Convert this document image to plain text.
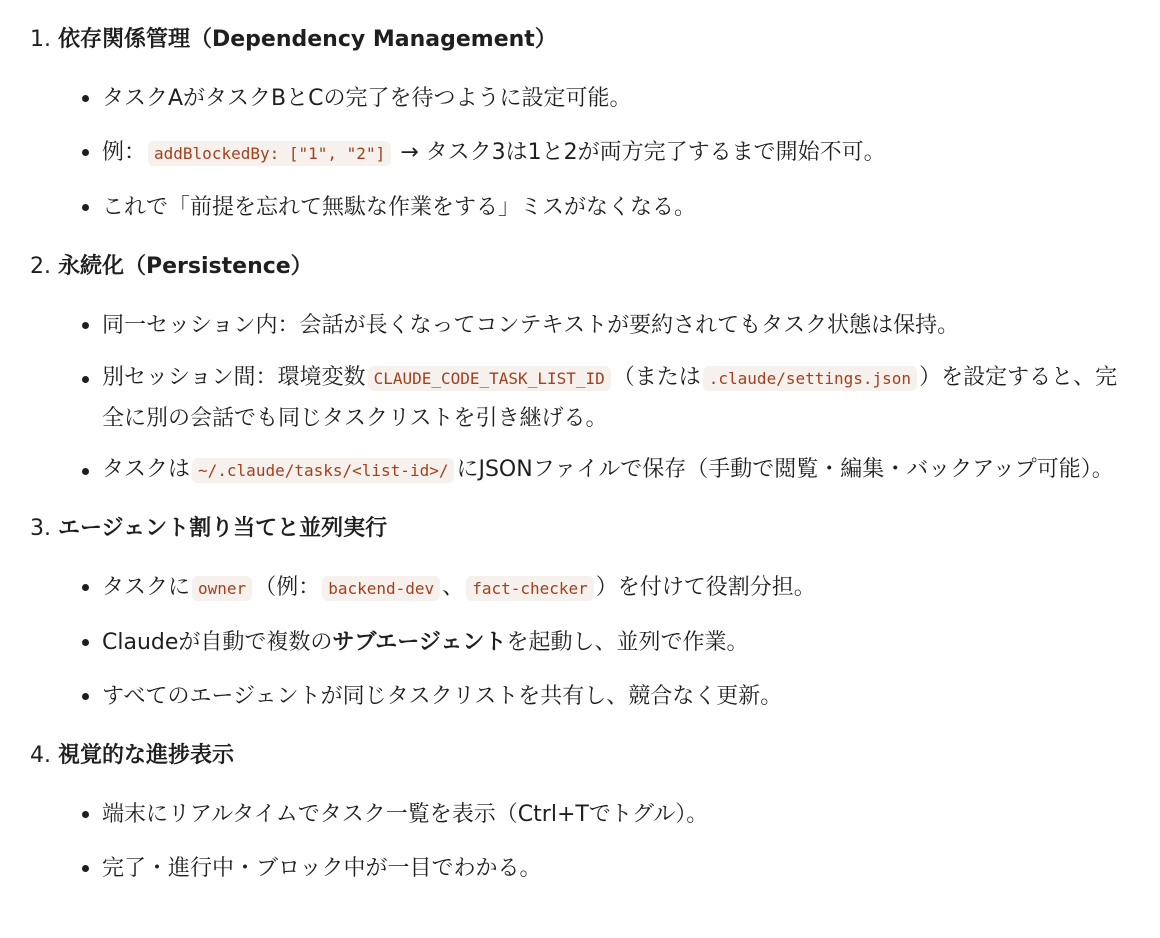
1. 依存関係管理（Dependency Management）
タスクAがタスクBとCの完了を待つように設定可能。
例： addBlockedBy: ["1", "2"] → タスク3は1と2が両方完了するまで開始不可。
これで「前提を忘れて無駄な作業をする」ミスがなくなる。
2. 永続化（Persistence）
同一セッション内：会話が長くなってコンテキストが要約されてもタスク状態は保持。
別セッション間：環境変数 CLAUDE_CODE_TASK_LIST_ID （または .claude/settings.json ）を設定すると、完全に別の会話でも同じタスクリストを引き継げる。
タスクは ~/.claude/tasks/<list-id>/ にJSONファイルで保存（手動で閲覧・編集・バックアップ可能）。
3. エージェント割り当てと並列実行
タスクに owner （例： backend-dev 、 fact-checker ）を付けて役割分担。
Claudeが自動で複数のサブエージェントを起動し、並列で作業。
すべてのエージェントが同じタスクリストを共有し、競合なく更新。
4. 視覚的な進捗表示
端末にリアルタイムでタスク一覧を表示（Ctrl+Tでトグル）。
完了・進行中・ブロック中が一目でわかる。
